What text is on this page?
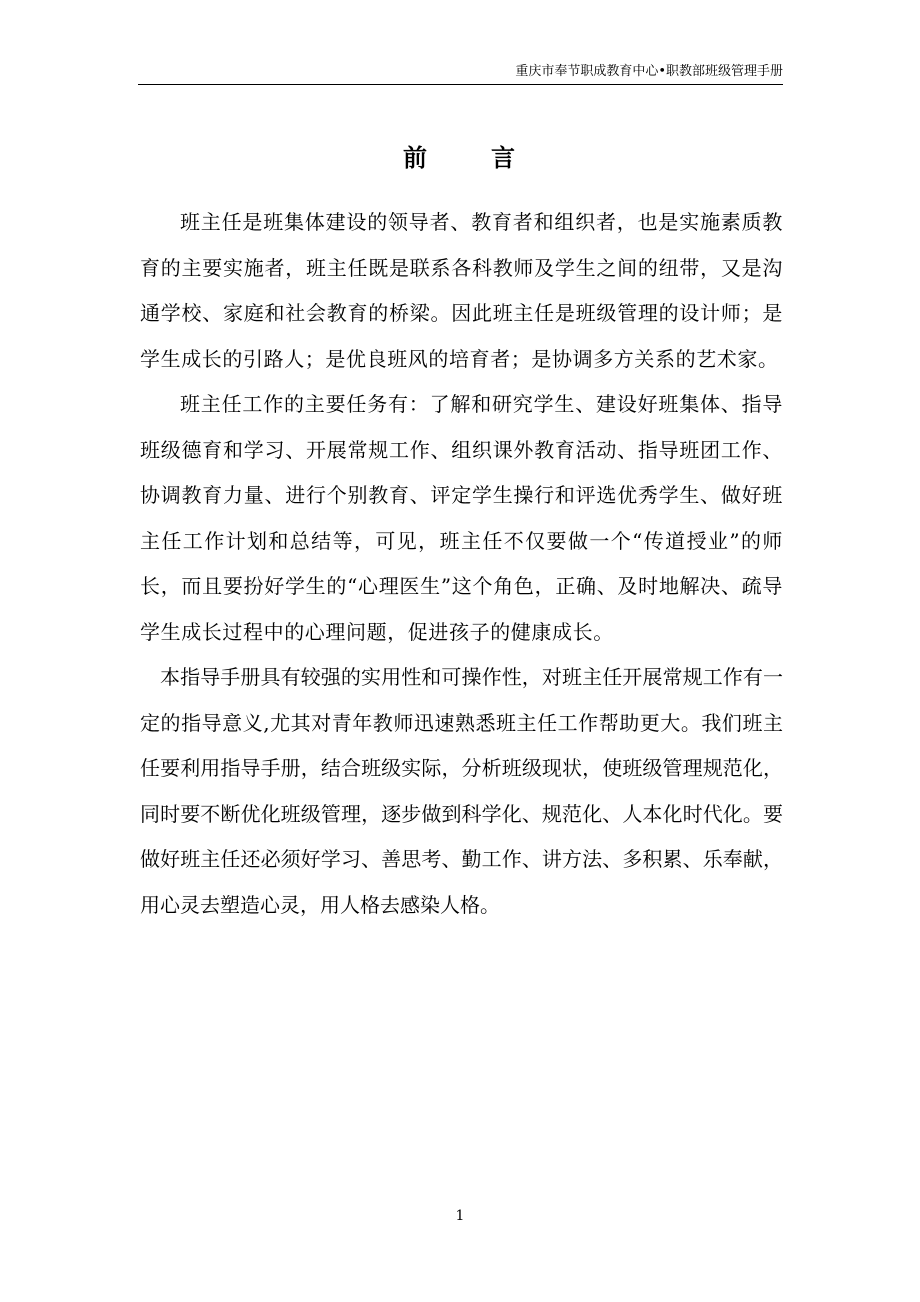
重庆市奉节职成教育中心•职教部班级管理手册
前	言

班主任是班集体建设的领导者、教育者和组织者，也是实施素质教育的主要实施者，班主任既是联系各科教师及学生之间的纽带，又是沟通学校、家庭和社会教育的桥梁。因此班主任是班级管理的设计师；是学生成长的引路人；是优良班风的培育者；是协调多方关系的艺术家。

班主任工作的主要任务有：了解和研究学生、建设好班集体、指导班级德育和学习、开展常规工作、组织课外教育活动、指导班团工作、协调教育力量、进行个别教育、评定学生操行和评选优秀学生、做好班主任工作计划和总结等，可见，班主任不仅要做一个“传道授业”的师长，而且要扮好学生的“心理医生”这个角色，正确、及时地解决、疏导学生成长过程中的心理问题，促进孩子的健康成长。

本指导手册具有较强的实用性和可操作性，对班主任开展常规工作有一定的指导意义,尤其对青年教师迅速熟悉班主任工作帮助更大。我们班主任要利用指导手册，结合班级实际，分析班级现状，使班级管理规范化，同时要不断优化班级管理，逐步做到科学化、规范化、人本化时代化。要做好班主任还必须好学习、善思考、勤工作、讲方法、多积累、乐奉献，用心灵去塑造心灵，用人格去感染人格。

1
